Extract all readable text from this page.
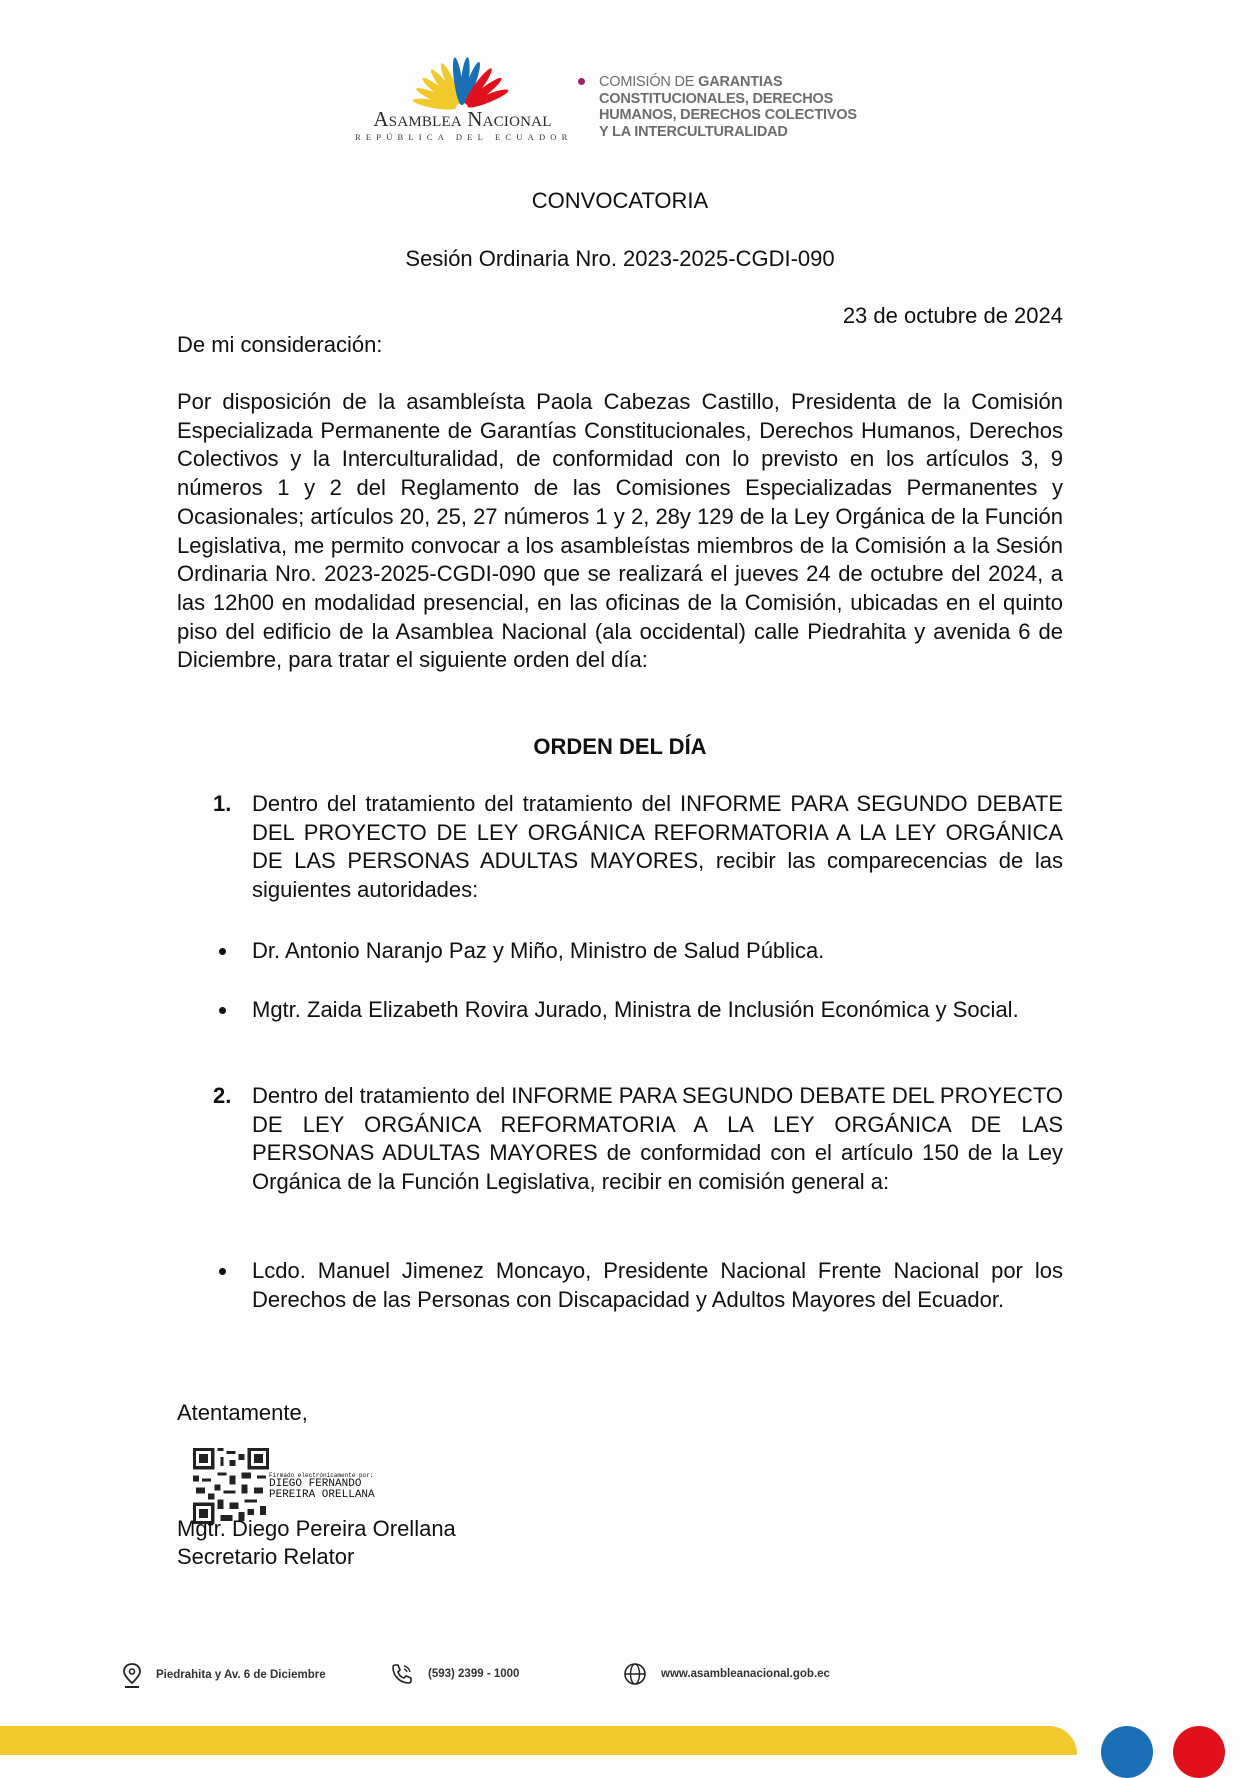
Asamblea Nacional
REPÚBLICA DEL ECUADOR
COMISIÓN DE GARANTIAS
CONSTITUCIONALES, DERECHOS
HUMANOS, DERECHOS COLECTIVOS
Y LA INTERCULTURALIDAD
CONVOCATORIA
Sesión Ordinaria Nro. 2023-2025-CGDI-090
23 de octubre de 2024
De mi consideración:

Por disposición de la asambleísta Paola Cabezas Castillo, Presidenta de la Comisión Especializada Permanente de Garantías Constitucionales, Derechos Humanos, Derechos Colectivos y la Interculturalidad, de conformidad con lo previsto en los artículos 3, 9 números 1 y 2 del Reglamento de las Comisiones Especializadas Permanentes y Ocasionales; artículos 20, 25, 27 números 1 y 2, 28y 129 de la Ley Orgánica de la Función Legislativa, me permito convocar a los asambleístas miembros de la Comisión a la Sesión Ordinaria Nro. 2023-2025-CGDI-090 que se realizará el jueves 24 de octubre del 2024, a las 12h00 en modalidad presencial, en las oficinas de la Comisión, ubicadas en el quinto piso del edificio de la Asamblea Nacional (ala occidental) calle Piedrahita y avenida 6 de Diciembre, para tratar el siguiente orden del día:

ORDEN DEL DÍA
1. Dentro del tratamiento del tratamiento del INFORME PARA SEGUNDO DEBATE DEL PROYECTO DE LEY ORGÁNICA REFORMATORIA A LA LEY ORGÁNICA DE LAS PERSONAS ADULTAS MAYORES, recibir las comparecencias de las siguientes autoridades:
Dr. Antonio Naranjo Paz y Miño, Ministro de Salud Pública.
Mgtr. Zaida Elizabeth Rovira Jurado, Ministra de Inclusión Económica y Social.
2. Dentro del tratamiento del INFORME PARA SEGUNDO DEBATE DEL PROYECTO DE LEY ORGÁNICA REFORMATORIA A LA LEY ORGÁNICA DE LAS PERSONAS ADULTAS MAYORES de conformidad con el artículo 150 de la Ley Orgánica de la Función Legislativa, recibir en comisión general a:
Lcdo. Manuel Jimenez Moncayo, Presidente Nacional Frente Nacional por los Derechos de las Personas con Discapacidad y Adultos Mayores del Ecuador.
Atentamente,
Firmado electrónicamente por:
DIEGO FERNANDO
PEREIRA ORELLANA
Mgtr. Diego Pereira Orellana
Secretario Relator
Piedrahita y Av. 6 de Diciembre	(593) 2399 - 1000	www.asambleanacional.gob.ec
